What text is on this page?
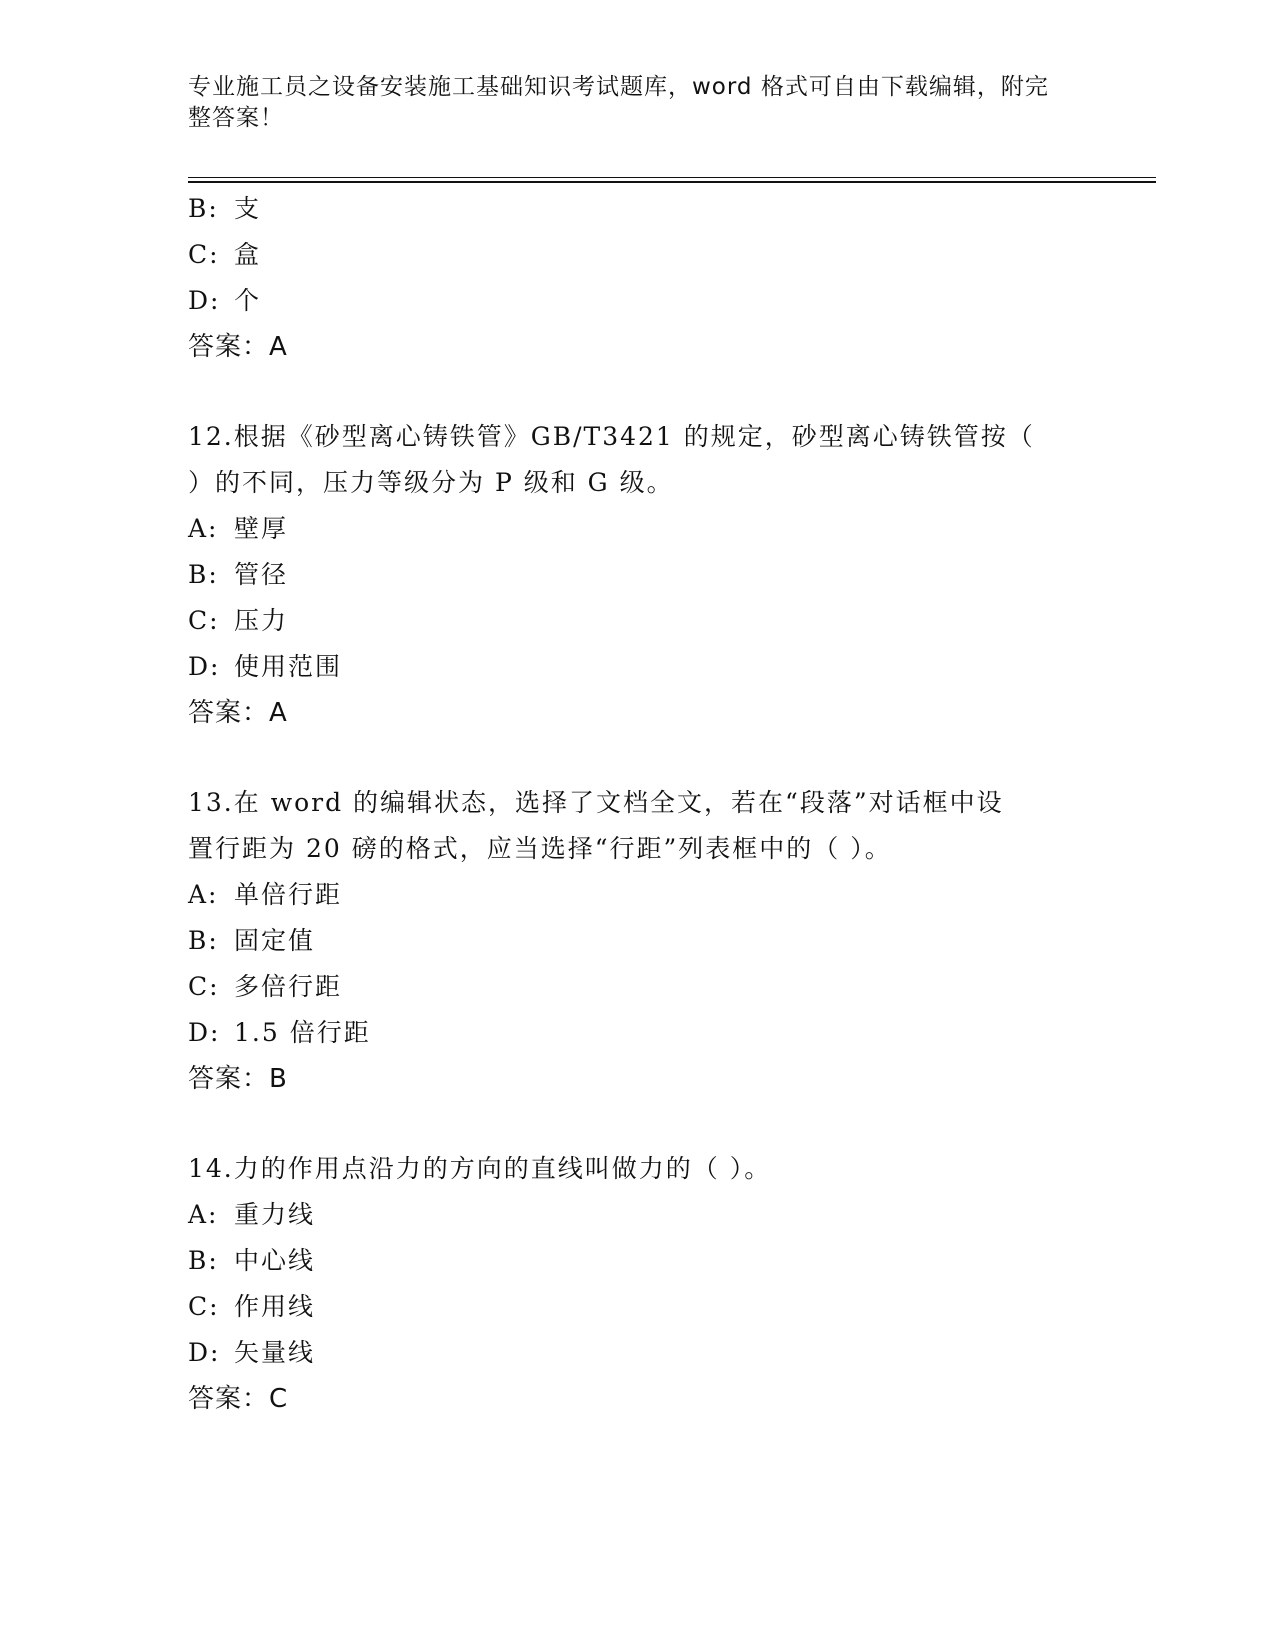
专业施工员之设备安装施工基础知识考试题库，word 格式可自由下载编辑，附完
整答案！
B: 支
C: 盒
D: 个
答案：A
12.根据《砂型离心铸铁管》GB/T3421 的规定，砂型离心铸铁管按（
）的不同，压力等级分为 P 级和 G 级。
A: 壁厚
B: 管径
C: 压力
D: 使用范围
答案：A
13.在 word 的编辑状态，选择了文档全文，若在“段落”对话框中设
置行距为 20 磅的格式，应当选择“行距”列表框中的（ ）。
A: 单倍行距
B: 固定值
C: 多倍行距
D: 1.5 倍行距
答案：B
14.力的作用点沿力的方向的直线叫做力的（ ）。
A: 重力线
B: 中心线
C: 作用线
D: 矢量线
答案：C
